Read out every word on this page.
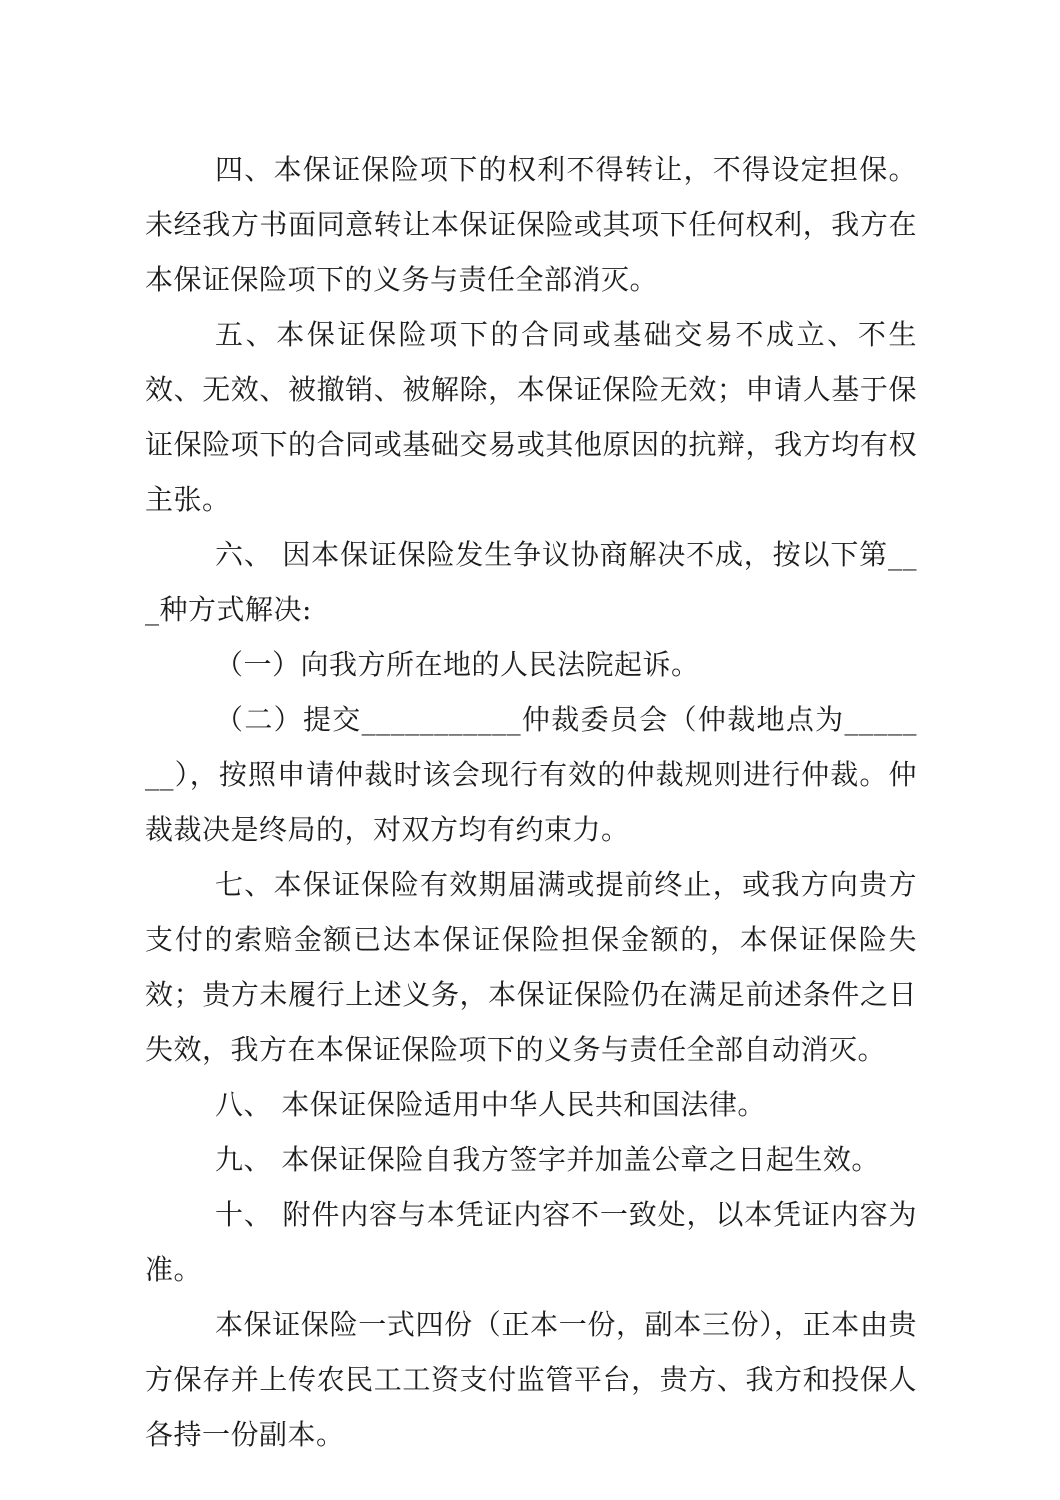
四、本保证保险项下的权利不得转让，不得设定担保。未经我方书面同意转让本保证保险或其项下任何权利，我方在本保证保险项下的义务与责任全部消灭。

五、本保证保险项下的合同或基础交易不成立、不生效、无效、被撤销、被解除，本保证保险无效；申请人基于保证保险项下的合同或基础交易或其他原因的抗辩，我方均有权主张。

六、 因本保证保险发生争议协商解决不成，按以下第___种方式解决:

（一）向我方所在地的人民法院起诉。

（二）提交___________仲裁委员会（仲裁地点为_______），按照申请仲裁时该会现行有效的仲裁规则进行仲裁。仲裁裁决是终局的，对双方均有约束力。

七、本保证保险有效期届满或提前终止，或我方向贵方支付的索赔金额已达本保证保险担保金额的，本保证保险失效；贵方未履行上述义务，本保证保险仍在满足前述条件之日失效，我方在本保证保险项下的义务与责任全部自动消灭。

八、 本保证保险适用中华人民共和国法律。

九、 本保证保险自我方签字并加盖公章之日起生效。

十、 附件内容与本凭证内容不一致处，以本凭证内容为准。

本保证保险一式四份（正本一份，副本三份），正本由贵方保存并上传农民工工资支付监管平台，贵方、我方和投保人各持一份副本。
